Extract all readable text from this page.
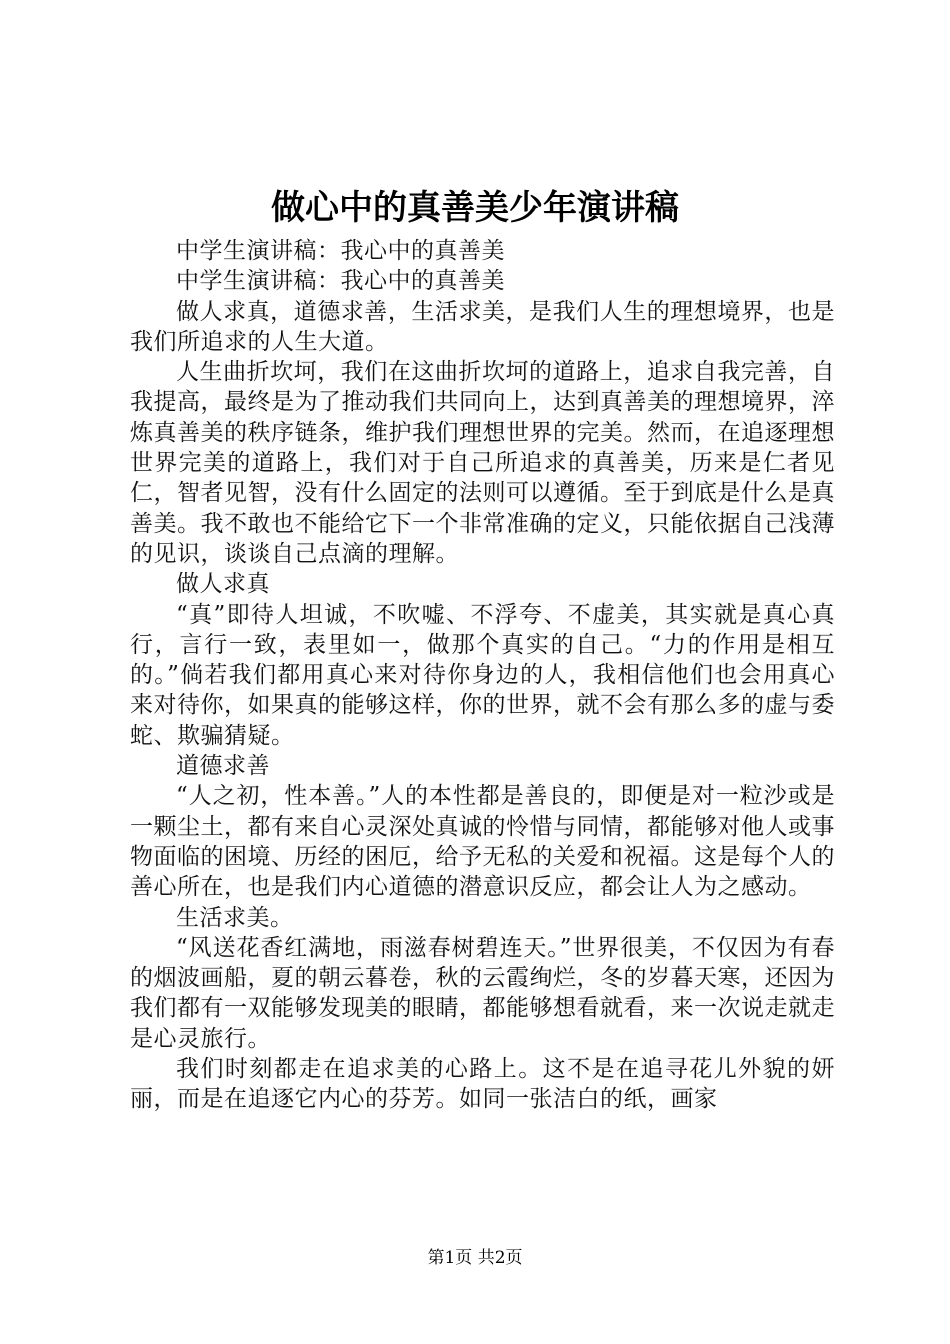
做心中的真善美少年演讲稿

中学生演讲稿：我心中的真善美

中学生演讲稿：我心中的真善美

做人求真，道德求善，生活求美，是我们人生的理想境界，也是我们所追求的人生大道。

人生曲折坎坷，我们在这曲折坎坷的道路上，追求自我完善，自我提高，最终是为了推动我们共同向上，达到真善美的理想境界，淬炼真善美的秩序链条，维护我们理想世界的完美。然而，在追逐理想世界完美的道路上，我们对于自己所追求的真善美，历来是仁者见仁，智者见智，没有什么固定的法则可以遵循。至于到底是什么是真善美。我不敢也不能给它下一个非常准确的定义，只能依据自己浅薄的见识，谈谈自己点滴的理解。

做人求真

“真”即待人坦诚，不吹嘘、不浮夸、不虚美，其实就是真心真行，言行一致，表里如一，做那个真实的自己。“力的作用是相互的。”倘若我们都用真心来对待你身边的人，我相信他们也会用真心来对待你，如果真的能够这样，你的世界，就不会有那么多的虚与委蛇、欺骗猜疑。

道德求善

“人之初，性本善。”人的本性都是善良的，即便是对一粒沙或是一颗尘土，都有来自心灵深处真诚的怜惜与同情，都能够对他人或事物面临的困境、历经的困厄，给予无私的关爱和祝福。这是每个人的善心所在，也是我们内心道德的潜意识反应，都会让人为之感动。

生活求美。

“风送花香红满地，雨滋春树碧连天。”世界很美，不仅因为有春的烟波画船，夏的朝云暮卷，秋的云霞绚烂，冬的岁暮天寒，还因为我们都有一双能够发现美的眼睛，都能够想看就看，来一次说走就走是心灵旅行。

我们时刻都走在追求美的心路上。这不是在追寻花儿外貌的妍丽，而是在追逐它内心的芬芳。如同一张洁白的纸，画家

第1页 共2页
